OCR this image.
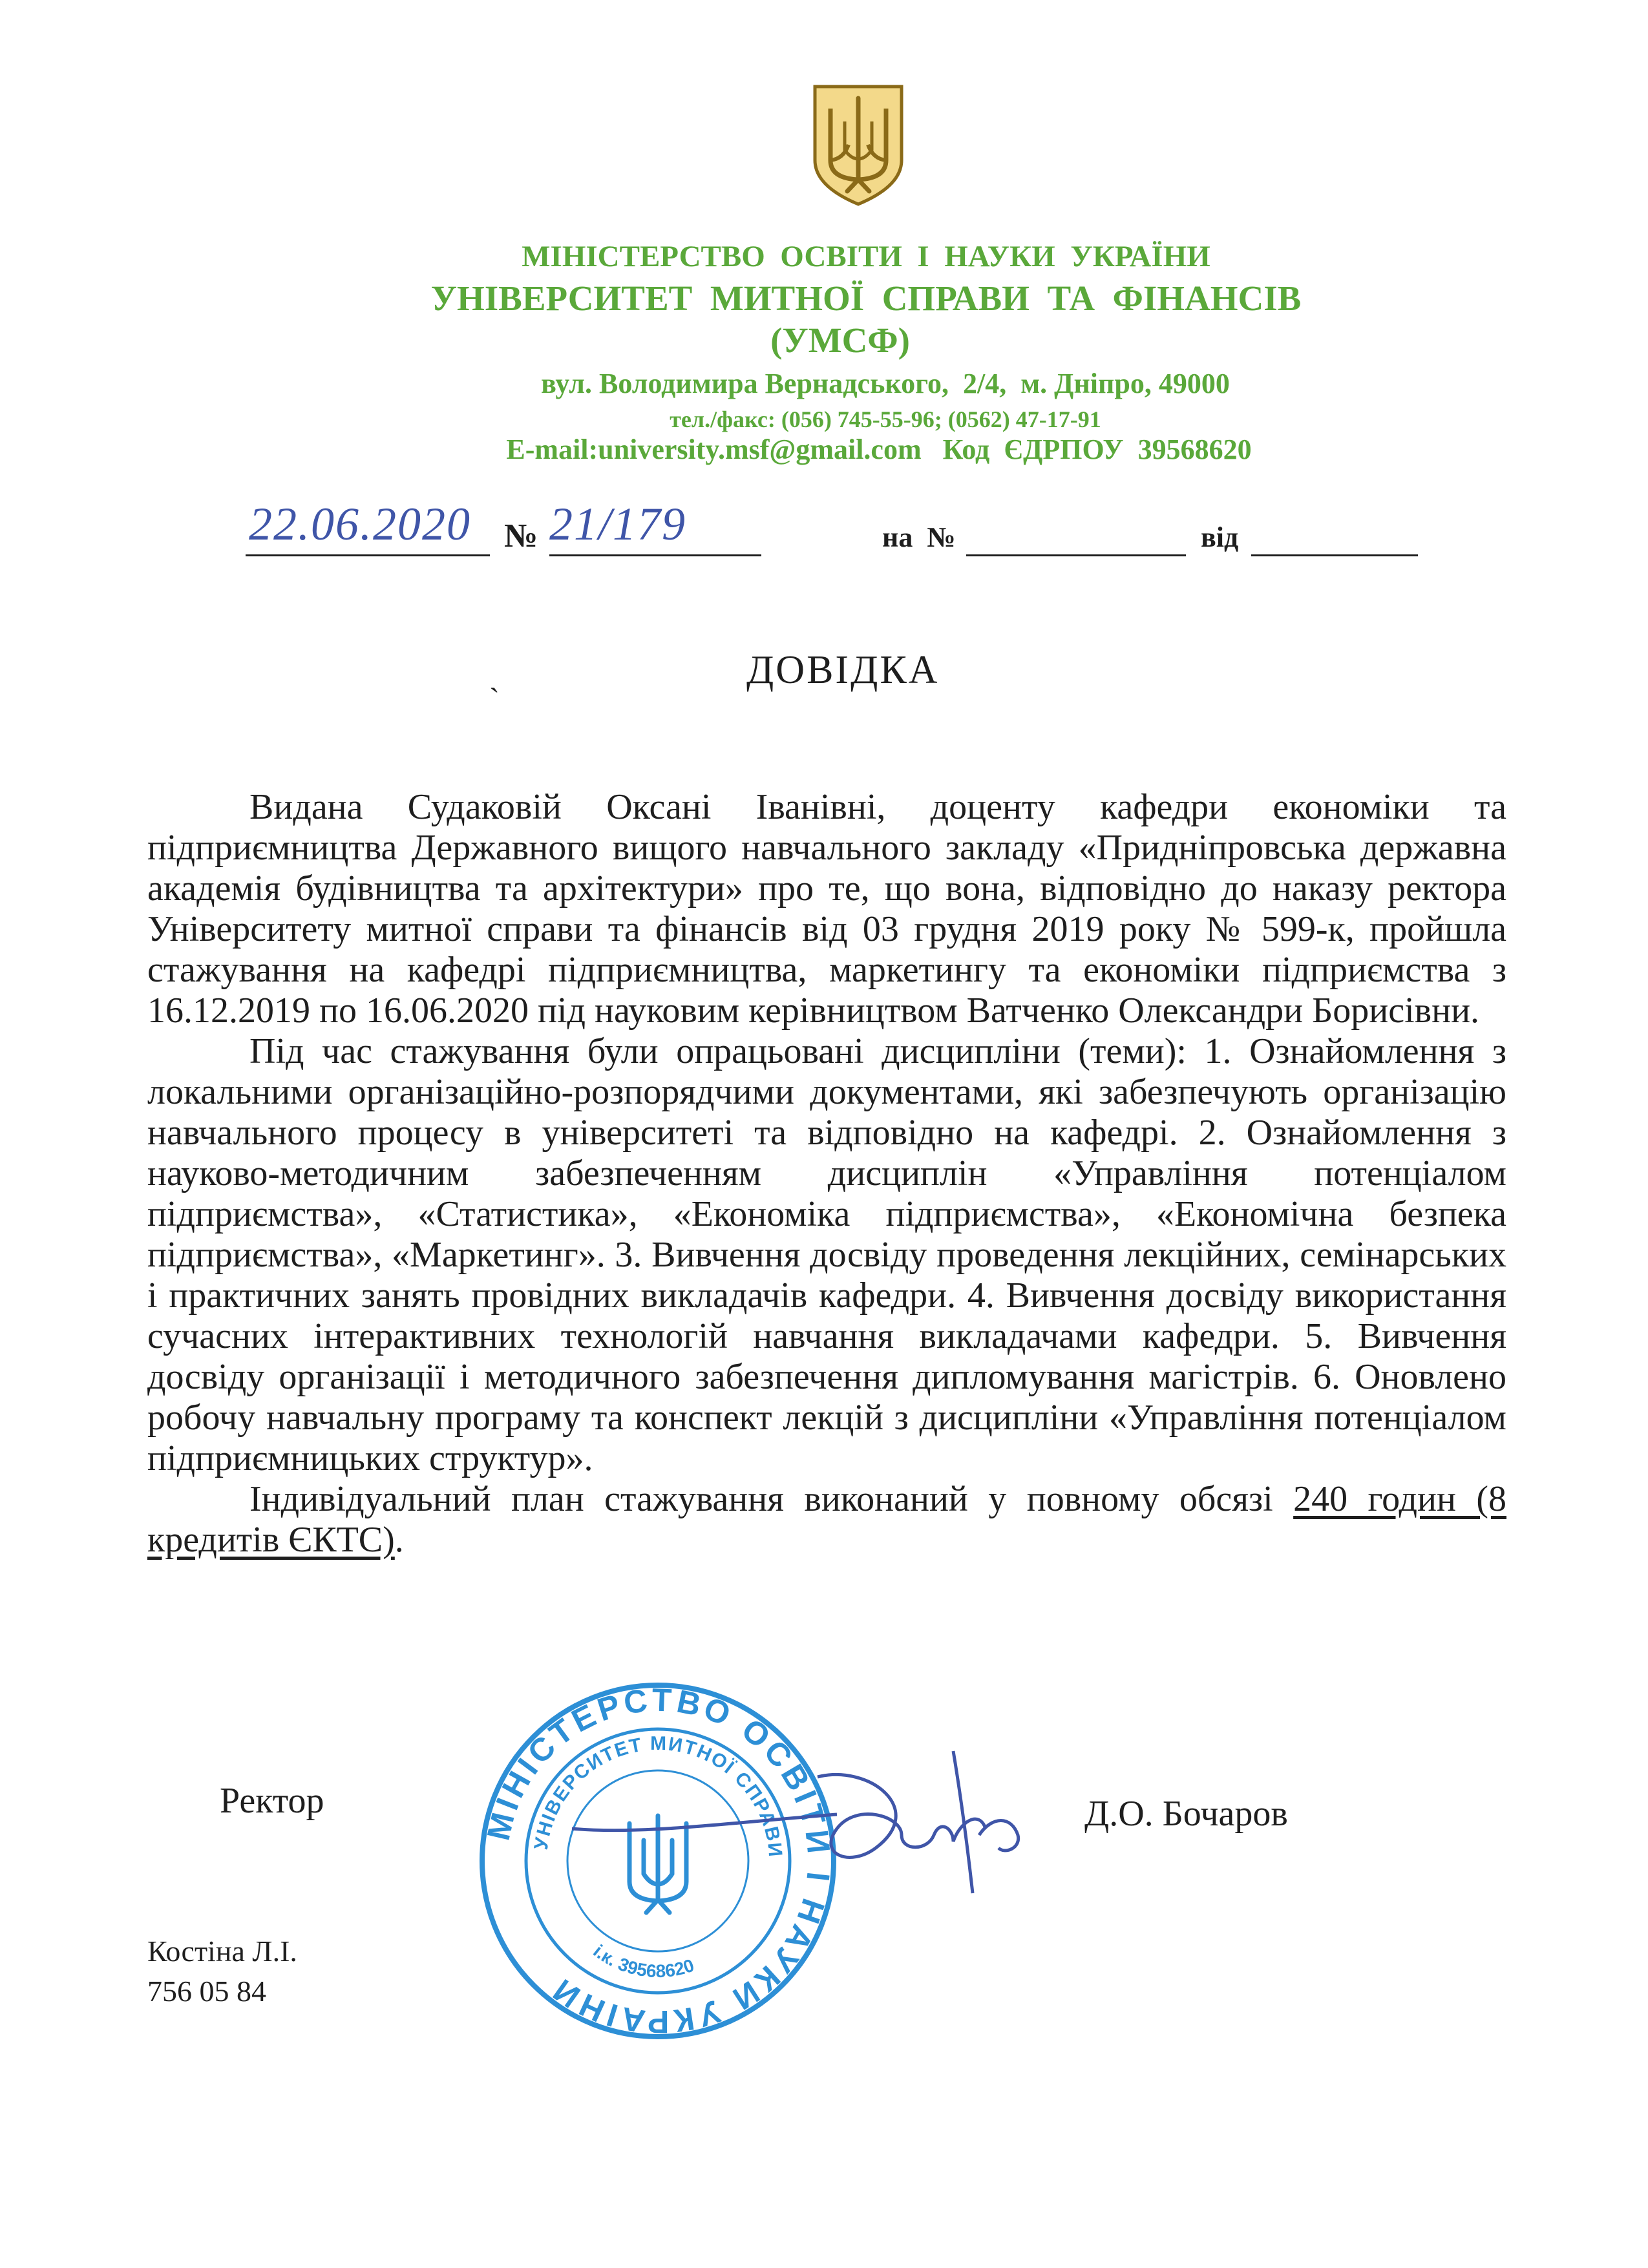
МІНІСТЕРСТВО  ОСВІТИ  І  НАУКИ  УКРАЇНИ
УНІВЕРСИТЕТ  МИТНОЇ  СПРАВИ  ТА  ФІНАНСІВ
(УМСФ)
вул. Володимира Вернадського,  2/4,  м. Дніпро, 49000
тел./факс: (056) 745-55-96; (0562) 47-17-91
E-mail:university.msf@gmail.com   Код  ЄДРПОУ  39568620
22.06.2020 № 21/179	на  №	від
ˎ	ДОВІДКА

Видана Судаковій Оксані Іванівні, доценту кафедри економіки та підприємництва Державного вищого навчального закладу «Придніпровська державна академія будівництва та архітектури» про те, що вона, відповідно до наказу ректора Університету митної справи та фінансів від 03 грудня 2019 року № 599-к, пройшла стажування на кафедрі підприємництва, маркетингу та економіки підприємства з 16.12.2019 по 16.06.2020 під науковим керівництвом Ватченко Олександри Борисівни.

Під час стажування були опрацьовані дисципліни (теми): 1. Ознайомлення з локальними організаційно-розпорядчими документами, які забезпечують організацію навчального процесу в університеті та відповідно на кафедрі. 2. Ознайомлення з науково-методичним забезпеченням дисциплін «Управління потенціалом підприємства», «Статистика», «Економіка підприємства», «Економічна безпека підприємства», «Маркетинг». 3. Вивчення досвіду проведення лекційних, семінарських і практичних занять провідних викладачів кафедри. 4. Вивчення досвіду використання сучасних інтерактивних технологій навчання викладачами кафедри. 5. Вивчення досвіду організації і методичного забезпечення дипломування магістрів. 6. Оновлено робочу навчальну програму та конспект лекцій з дисципліни «Управління потенціалом підприємницьких структур».

Індивідуальний план стажування виконаний у повному обсязі 240 годин (8 кредитів ЄКТС).

Ректор	Д.О. Бочаров
МІНІСТЕРСТВО ОСВІТИ І НАУКИ УКРАЇНИ
УНІВЕРСИТЕТ МИТНОЇ СПРАВИ
і.к. 39568620
Костіна Л.І.
756 05 84
